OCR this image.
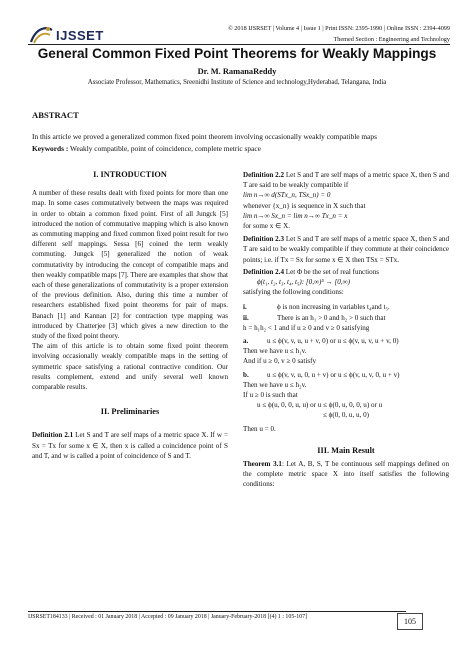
IJSSET	© 2018 IJSRSET | Volume 4 | Issue 1 | Print ISSN: 2395-1990 | Online ISSN : 2394-4099
Themed Section : Engineering and Technology
General Common Fixed Point Theorems for Weakly Mappings
Dr. M. RamanaReddy
Associate Professor, Mathematics, Sreenidhi Institute of Science and technology,Hyderabad, Telangana, India
ABSTRACT
In this article we proved a generalized common fixed point theorem involving occasionally weakly compatible maps
Keywords : Weakly compatible, point of coincidence, complete metric space
I. INTRODUCTION
A number of these results dealt with fixed points for more than one map. In some cases commutatively between the maps was required in order to obtain a common fixed point. First of all Jungck [5] introduced the notion of commutative mapping which is also known as commuting mapping and fixed common fixed point result for two different self mappings. Sessa [6] coined the term weakly commuting. Jungck [5] generalized the notion of weak commutativity by introducing the concept of compatible maps and then weakly compatible maps [7]. There are examples that show that each of these generalizations of commutativity is a proper extension of the previous definition. Also, during this time a number of researchers established fixed point theorems for pair of maps. Banach [1] and Kannan [2] for contraction type mapping was introduced by Chatterjee [3] which gives a new direction to the study of the fixed point theory.
The aim of this article is to obtain some fixed point theorem involving occasionally weakly compatible maps in the setting of symmetric space satisfying a rational contractive condition. Our results complement, extend and unify several well known comparable results.
II. Preliminaries
Definition 2.1 Let S and T are self maps of a metric space X. If w = Sx = Tx for some x ∈ X, then x is called a coincidence point of S and T, and w is called a point of coincidence of S and T.
Definition 2.2 Let S and T are self maps of a metric space X, then S and T are said to be weakly compatible if
lim n→∞ d(STx_n, TSx_n) = 0
whenever {x_n} is sequence in X such that
lim n→∞ Sx_n = lim n→∞ Tx_n = x
for some x ∈ X.
Definition 2.3 Let S and T are self maps of a metric space X, then S and T are said to be weakly compatible if they commute at their coincidence points; i.e. if Tx = Sx for some x ∈ X then TSx = STx.
Definition 2.4 Let Φ be the set of real functions
ϕ(t₁, t₂, t₃, t₄, t₅): [0,∞)⁵ → [0,∞)
satisfying the following conditions:
i.	ϕ is non increasing in variables t₄and t₅.
ii.	There is an h₁ > 0 and h₂ > 0 such that
h = h₁h₂ < 1 and if u ≥ 0 and v ≥ 0 satisfying
a.	u ≤ ϕ(v, v, u, u + v, 0) or u ≤ ϕ(v, u, v, u + v, 0)
Then we have u ≤ h₁v.
And if u ≥ 0, v ≥ 0 satisfy
b.	u ≤ ϕ(v, v, u, 0, u + v) or u ≤ ϕ(v, u, v, 0, u + v)
Then we have u ≤ h₂v.
If u ≥ 0 is such that
u ≤ ϕ(u, 0, 0, u, u) or u ≤ ϕ(0, u, 0, 0, u) or u
≤ ϕ(0, 0, u, u, 0)
Then u = 0.
III. Main Result
Theorem 3.1: Let A, B, S, T be continuous self mappings defined on the complete metric space X into itself satisfies the following conditions:
IJSRSET184133 | Received : 01 January 2018 | Accepted : 09 January 2018 | January-February-2018 [(4) 1 : 105-107]	105
